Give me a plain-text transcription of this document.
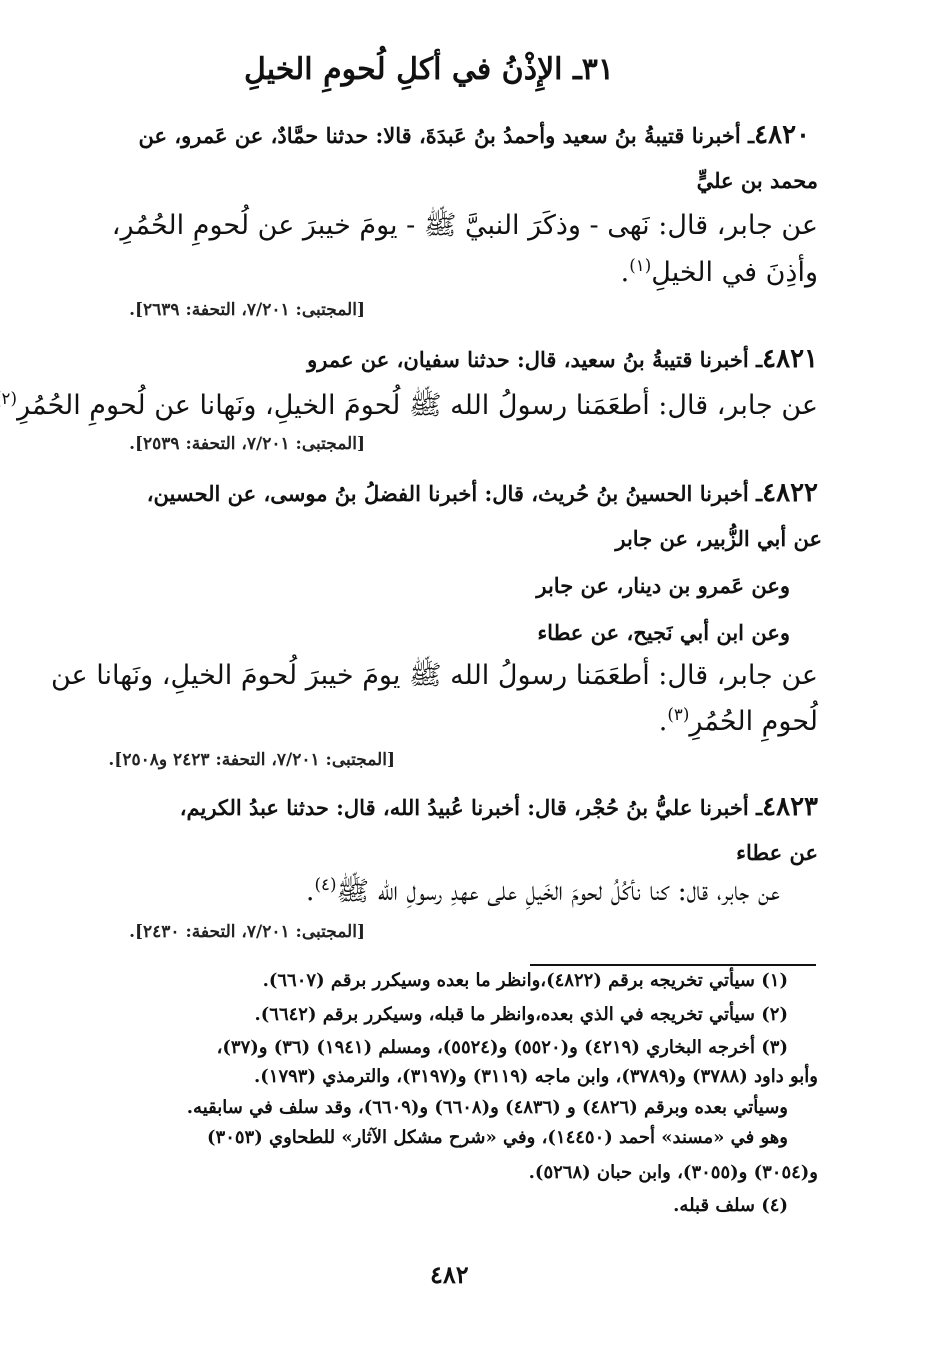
٣١ـ الإِذْنُ في أكلِ لُحومِ الخيلِ
٤٨٢٠ـ أخبرنا قتيبةُ بنُ سعيد وأحمدُ بنُ عَبدَةَ، قالا: حدثنا حمَّادٌ، عن عَمرو، عن
محمد بن عليٍّ
عن جابر، قال: نَهى - وذكَرَ النبيَّ ﷺ - يومَ خيبرَ عن لُحومِ الحُمُرِ،
وأذِنَ في الخيلِ$^{(١)}$.
[المجتبى: ٧/٢٠١، التحفة: ٢٦٣٩].
٤٨٢١ـ أخبرنا قتيبةُ بنُ سعيد، قال: حدثنا سفيان، عن عمرو
عن جابر، قال: أطعَمَنا رسولُ الله ﷺ لُحومَ الخيلِ، ونَهانا عن لُحومِ الحُمُرِ$^{(٢}$
[المجتبى: ٧/٢٠١، التحفة: ٢٥٣٩].
٤٨٢٢ـ أخبرنا الحسينُ بنُ حُريث، قال: أخبرنا الفضلُ بنُ موسى، عن الحسين،
عن أبي الزُّبير، عن جابر
وعن عَمرو بن دينار، عن جابر
وعن ابن أبي نَجيح، عن عطاء
عن جابر، قال: أطعَمَنا رسولُ الله ﷺ يومَ خيبرَ لُحومَ الخيلِ، ونَهانا عن
لُحومِ الحُمُرِ$^{(٣)}$.
[المجتبى: ٧/٢٠١، التحفة: ٢٤٢٣ و٢٥٠٨].
٤٨٢٣ـ أخبرنا عليُّ بنُ حُجْر، قال: أخبرنا عُبيدُ الله، قال: حدثنا عبدُ الكريم،
عن عطاء
عن جابر، قال: كنا نأكُلُ لحومَ الخَيلِ على عهدِ رسولِ الله ﷺ$^{(٤)}$.
[المجتبى: ٧/٢٠١، التحفة: ٢٤٣٠].
(١) سيأتي تخريجه برقم (٤٨٢٢)،وانظر ما بعده وسيكرر برقم (٦٦٠٧).
(٢) سيأتي تخريجه في الذي بعده،وانظر ما قبله، وسيكرر برقم (٦٦٤٢).
(٣) أخرجه البخاري (٤٢١٩) و(٥٥٢٠) و(٥٥٢٤)، ومسلم (١٩٤١) (٣٦) و(٣٧)،
وأبو داود (٣٧٨٨) و(٣٧٨٩)، وابن ماجه (٣١١٩) و(٣١٩٧)، والترمذي (١٧٩٣).
وسيأتي بعده وبرقم (٤٨٢٦) و (٤٨٣٦) و(٦٦٠٨) و(٦٦٠٩)، وقد سلف في سابقيه.
وهو في «مسند» أحمد (١٤٤٥٠)، وفي «شرح مشكل الآثار» للطحاوي (٣٠٥٣)
و(٣٠٥٤) و(٣٠٥٥)، وابن حبان (٥٢٦٨).
(٤) سلف قبله.
٤٨٢
